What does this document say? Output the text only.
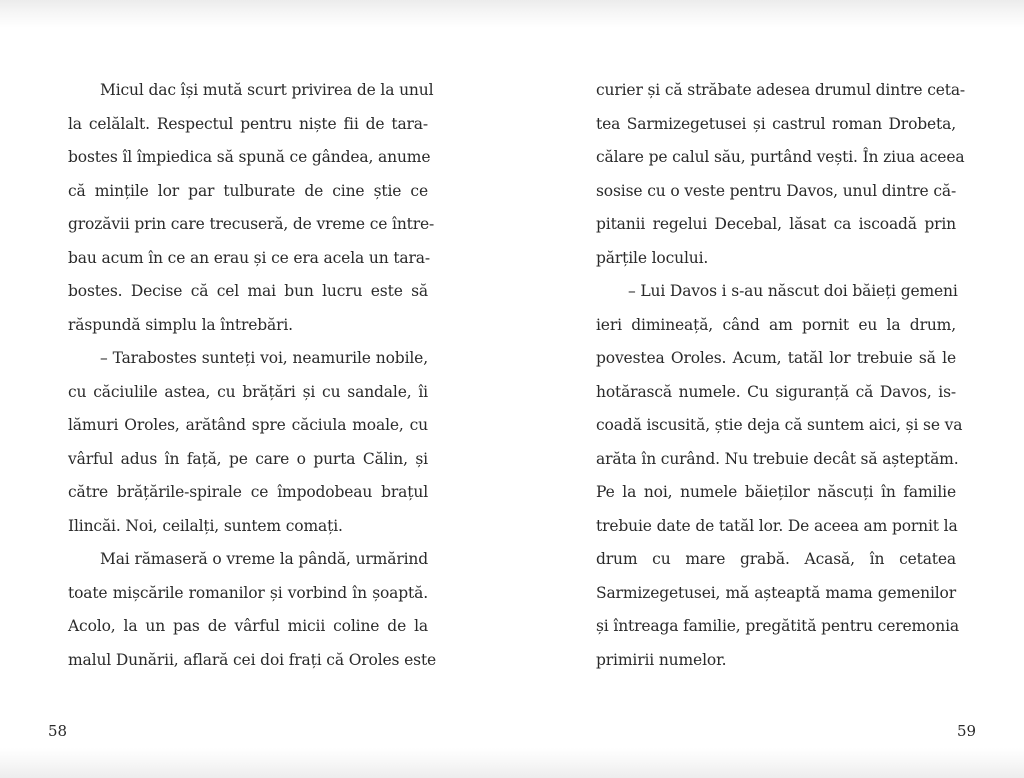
Micul dac își mută scurt privirea de la unul
la celălalt. Respectul pentru niște fii de tara-
bostes îl împiedica să spună ce gândea, anume
că mințile lor par tulburate de cine știe ce
grozăvii prin care trecuseră, de vreme ce între-
bau acum în ce an erau și ce era acela un tara-
bostes. Decise că cel mai bun lucru este să
răspundă simplu la întrebări.
– Tarabostes sunteți voi, neamurile nobile,
cu căciulile astea, cu brățări și cu sandale, îi
lămuri Oroles, arătând spre căciula moale, cu
vârful adus în față, pe care o purta Călin, și
către brățările-spirale ce împodobeau brațul
Ilincăi. Noi, ceilalți, suntem comați.
Mai rămaseră o vreme la pândă, urmărind
toate mișcările romanilor și vorbind în șoaptă.
Acolo, la un pas de vârful micii coline de la
malul Dunării, aflară cei doi frați că Oroles este
curier și că străbate adesea drumul dintre ceta-
tea Sarmizegetusei și castrul roman Drobeta,
călare pe calul său, purtând vești. În ziua aceea
sosise cu o veste pentru Davos, unul dintre că-
pitanii regelui Decebal, lăsat ca iscoadă prin
părțile locului.
– Lui Davos i s-au născut doi băieți gemeni
ieri dimineață, când am pornit eu la drum,
povestea Oroles. Acum, tatăl lor trebuie să le
hotărască numele. Cu siguranță că Davos, is-
coadă iscusită, știe deja că suntem aici, și se va
arăta în curând. Nu trebuie decât să așteptăm.
Pe la noi, numele băieților născuți în familie
trebuie date de tatăl lor. De aceea am pornit la
drum cu mare grabă. Acasă, în cetatea
Sarmizegetusei, mă așteaptă mama gemenilor
și întreaga familie, pregătită pentru ceremonia
primirii numelor.
58	59
